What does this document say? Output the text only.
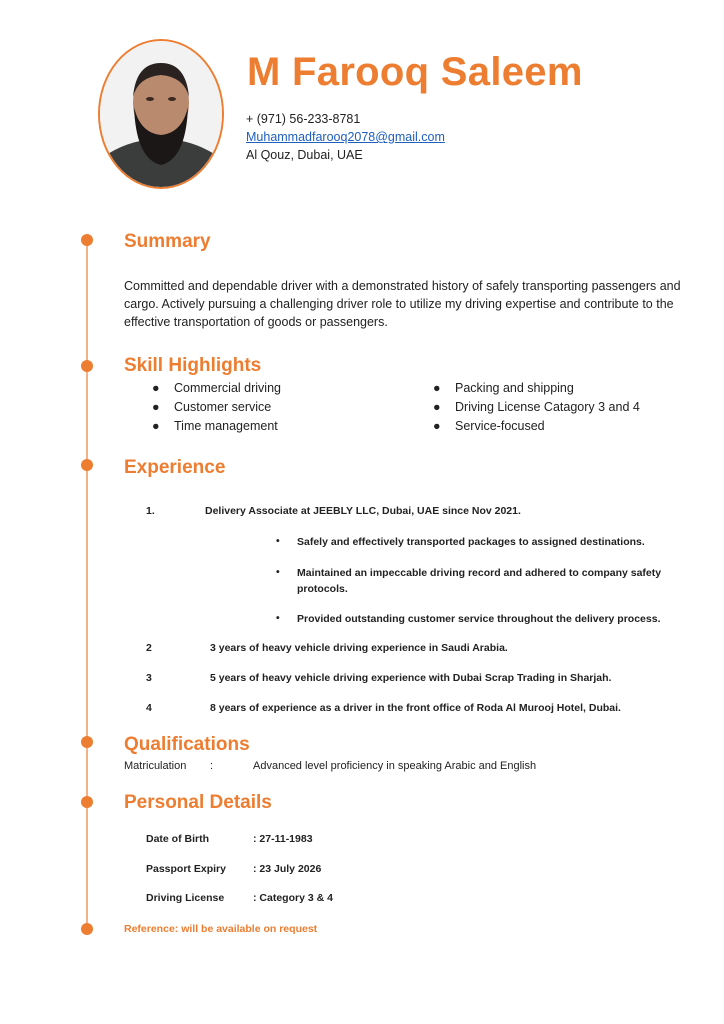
M Farooq Saleem
+ (971) 56-233-8781
Muhammadfarooq2078@gmail.com
Al Qouz, Dubai, UAE
Summary
Committed and dependable driver with a demonstrated history of safely transporting passengers and cargo. Actively pursuing a challenging driver role to utilize my driving expertise and contribute to the effective transportation of goods or passengers.
Skill Highlights
● Commercial driving
● Customer service
● Time management
● Packing and shipping
● Driving License Catagory 3 and 4
● Service-focused
Experience
1.	Delivery Associate at JEEBLY LLC, Dubai, UAE since Nov 2021.
• Safely and effectively transported packages to assigned destinations.
• Maintained an impeccable driving record and adhered to company safety protocols.
• Provided outstanding customer service throughout the delivery process.
2	3 years of heavy vehicle driving experience in Saudi Arabia.
3	5 years of heavy vehicle driving experience with Dubai Scrap Trading in Sharjah.
4	8 years of experience as a driver in the front office of Roda Al Murooj Hotel, Dubai.
Qualifications
Matriculation :	Advanced level proficiency in speaking Arabic and English
Personal Details
Date of Birth	: 27-11-1983
Passport Expiry	: 23 July 2026
Driving License	: Category 3 & 4
Reference: will be available on request
